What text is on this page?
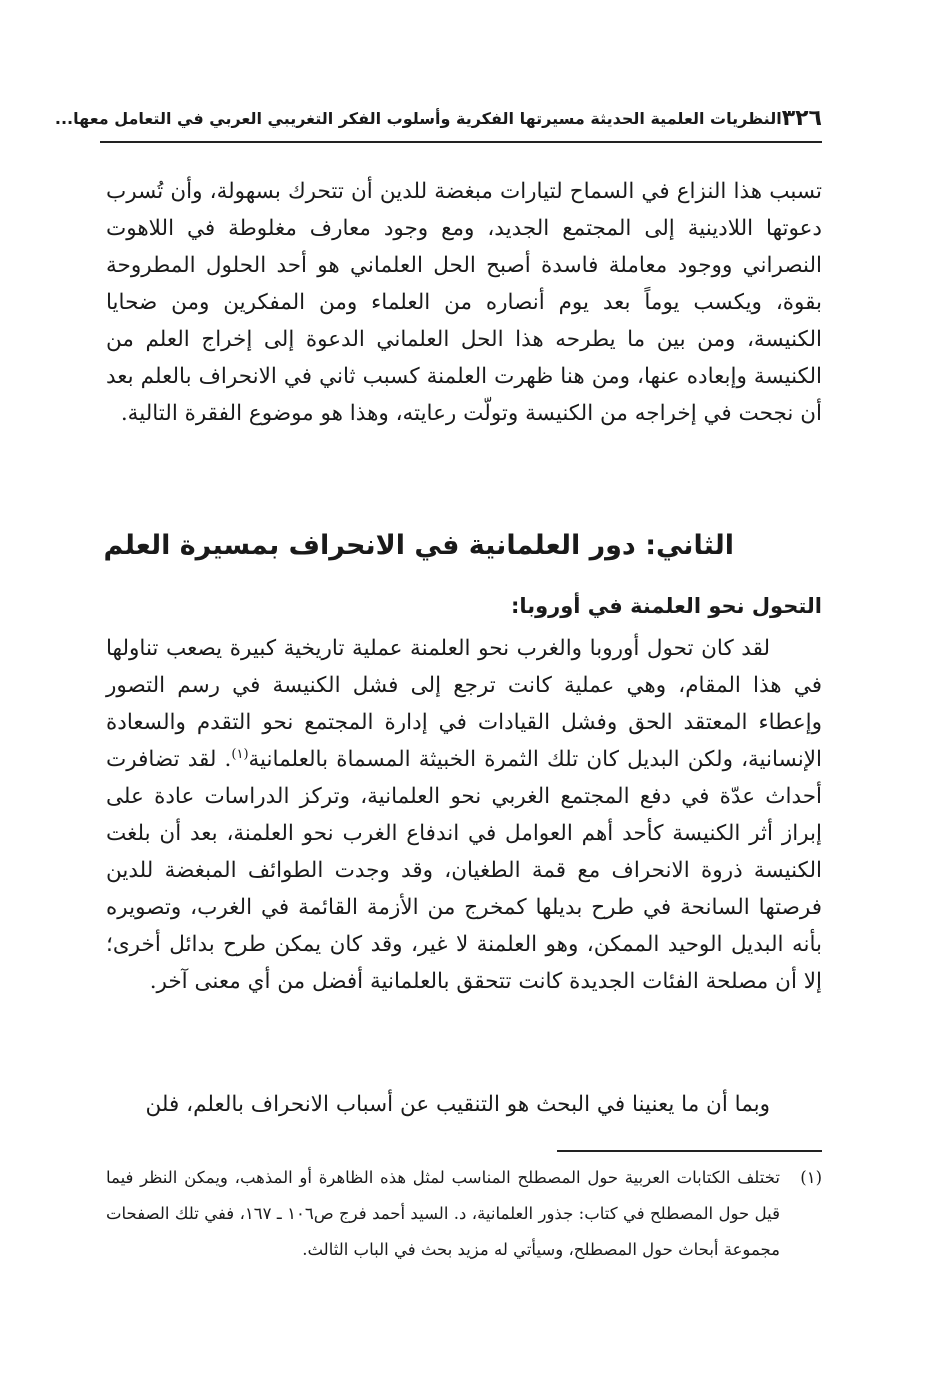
٣٢٦
النظريات العلمية الحديثة مسيرتها الفكرية وأسلوب الفكر التغريبي العربي في التعامل معها...

تسبب هذا النزاع في السماح لتيارات مبغضة للدين أن تتحرك بسهولة، وأن تُسرب دعوتها اللادينية إلى المجتمع الجديد، ومع وجود معارف مغلوطة في اللاهوت النصراني ووجود معاملة فاسدة أصبح الحل العلماني هو أحد الحلول المطروحة بقوة، ويكسب يوماً بعد يوم أنصاره من العلماء ومن المفكرين ومن ضحايا الكنيسة، ومن بين ما يطرحه هذا الحل العلماني الدعوة إلى إخراج العلم من الكنيسة وإبعاده عنها، ومن هنا ظهرت العلمنة كسبب ثاني في الانحراف بالعلم بعد أن نجحت في إخراجه من الكنيسة وتولّت رعايته، وهذا هو موضوع الفقرة التالية.

الثاني: دور العلمانية في الانحراف بمسيرة العلم
التحول نحو العلمنة في أوروبا:

لقد كان تحول أوروبا والغرب نحو العلمنة عملية تاريخية كبيرة يصعب تناولها في هذا المقام، وهي عملية كانت ترجع إلى فشل الكنيسة في رسم التصور وإعطاء المعتقد الحق وفشل القيادات في إدارة المجتمع نحو التقدم والسعادة الإنسانية، ولكن البديل كان تلك الثمرة الخبيثة المسماة بالعلمانية$^{(١)}$. لقد تضافرت أحداث عدّة في دفع المجتمع الغربي نحو العلمانية، وتركز الدراسات عادة على إبراز أثر الكنيسة كأحد أهم العوامل في اندفاع الغرب نحو العلمنة، بعد أن بلغت الكنيسة ذروة الانحراف مع قمة الطغيان، وقد وجدت الطوائف المبغضة للدين فرصتها السانحة في طرح بديلها كمخرج من الأزمة القائمة في الغرب، وتصويره بأنه البديل الوحيد الممكن، وهو العلمنة لا غير، وقد كان يمكن طرح بدائل أخرى؛ إلا أن مصلحة الفئات الجديدة كانت تتحقق بالعلمانية أفضل من أي معنى آخر.

وبما أن ما يعنينا في البحث هو التنقيب عن أسباب الانحراف بالعلم، فلن

(١)
تختلف الكتابات العربية حول المصطلح المناسب لمثل هذه الظاهرة أو المذهب، ويمكن النظر فيما قيل حول المصطلح في كتاب: جذور العلمانية، د. السيد أحمد فرج ص١٠٦ ـ ١٦٧، ففي تلك الصفحات مجموعة أبحاث حول المصطلح، وسيأتي له مزيد بحث في الباب الثالث.
